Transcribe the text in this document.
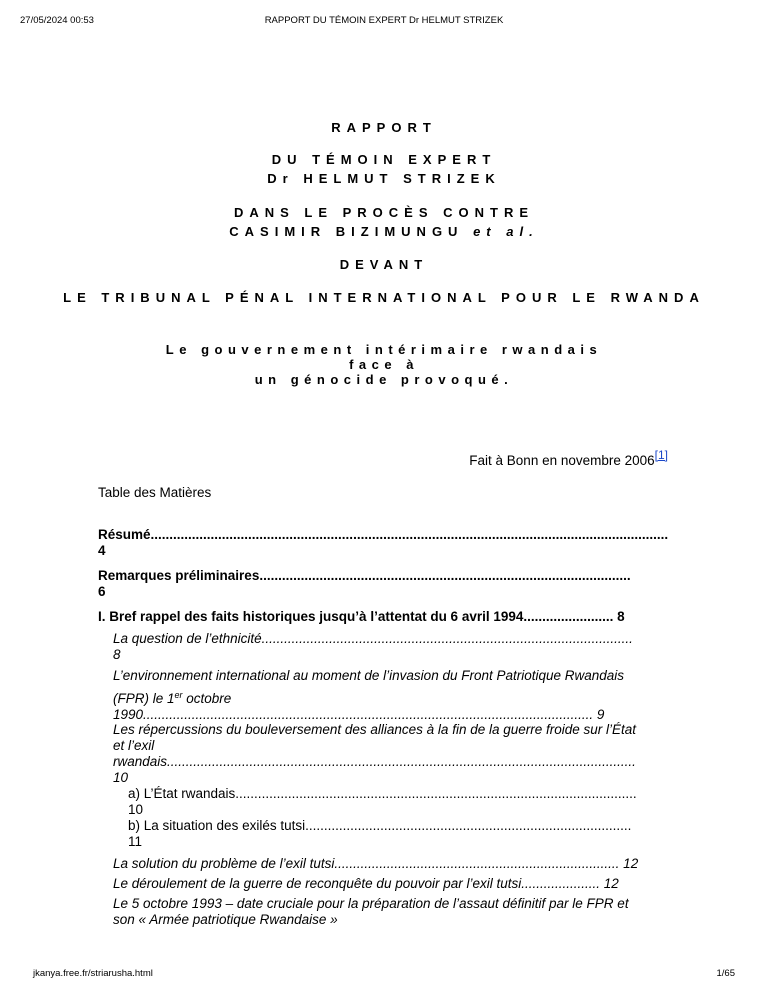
27/05/2024 00:53	RAPPORT DU TÉMOIN EXPERT Dr HELMUT STRIZEK
RAPPORT
DU TÉMOIN EXPERT
Dr HELMUT STRIZEK
DANS LE PROCÈS CONTRE
CASIMIR BIZIMUNGU et al.
DEVANT
LE TRIBUNAL PÉNAL INTERNATIONAL POUR LE RWANDA
Le gouvernement intérimaire rwandais
face à
un génocide provoqué.
Fait à Bonn en novembre 2006[1]
Table des Matières
Résumé..........................................................................................................................................
4
Remarques préliminaires...................................................................................................
6
I. Bref rappel des faits historiques jusqu’à l’attentat du 6 avril 1994........................ 8
La question de l’ethnicité...................................................................................................
8
L’environnement international au moment de l’invasion du Front Patriotique Rwandais
(FPR) le 1er octobre
1990........................................................................................................................ 9
Les répercussions du bouleversement des alliances à la fin de la guerre froide sur l’État
et l’exil
rwandais.............................................................................................................................
10
a) L’État rwandais...........................................................................................................
10
b) La situation des exilés tutsi.......................................................................................
11
La solution du problème de l’exil tutsi............................................................................ 12
Le déroulement de la guerre de reconquête du pouvoir par l’exil tutsi..................... 12
Le 5 octobre 1993 – date cruciale pour la préparation de l’assaut définitif par le FPR et
son « Armée patriotique Rwandaise »
jkanya.free.fr/striarusha.html	1/65
